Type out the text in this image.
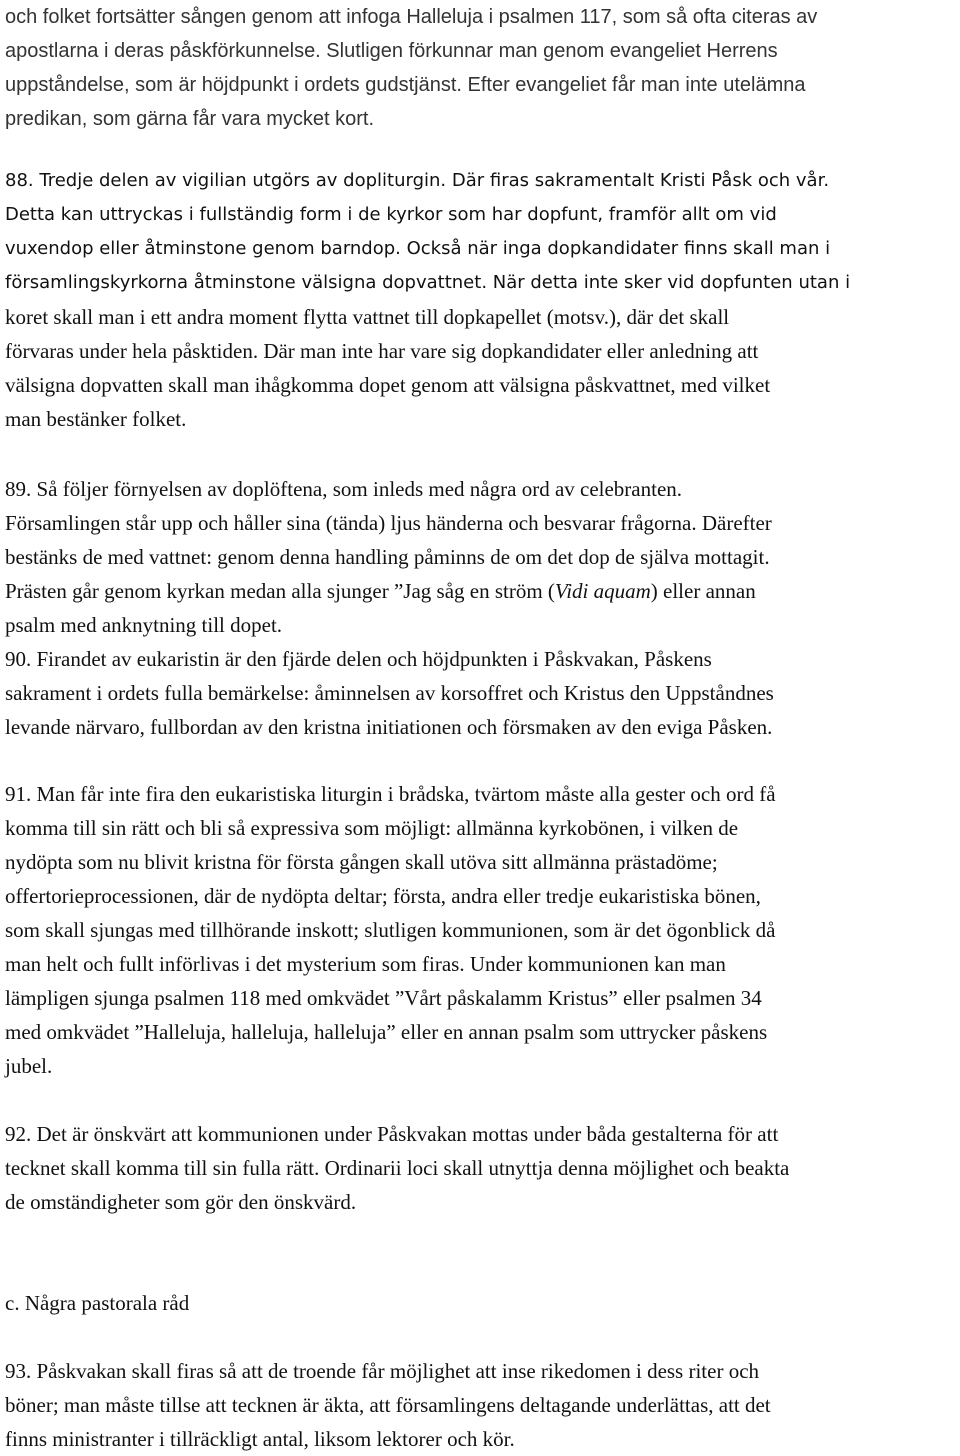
och folket fortsätter sången genom att infoga Halleluja i psalmen 117, som så ofta citeras av
apostlarna i deras påskförkunnelse. Slutligen förkunnar man genom evangeliet Herrens
uppståndelse, som är höjdpunkt i ordets gudstjänst. Efter evangeliet får man inte utelämna
predikan, som gärna får vara mycket kort.
88. Tredje delen av vigilian utgörs av dopliturgin. Där firas sakramentalt Kristi Påsk och vår.
Detta kan uttryckas i fullständig form i de kyrkor som har dopfunt, framför allt om vid
vuxendop eller åtminstone genom barndop. Också när inga dopkandidater finns skall man i
församlingskyrkorna åtminstone välsigna dopvattnet. När detta inte sker vid dopfunten utan i
koret skall man i ett andra moment flytta vattnet till dopkapellet (motsv.), där det skall
förvaras under hela påsktiden. Där man inte har vare sig dopkandidater eller anledning att
välsigna dopvatten skall man ihågkomma dopet genom att välsigna påskvattnet, med vilket
man bestänker folket.
89. Så följer förnyelsen av doplöftena, som inleds med några ord av celebranten.
Församlingen står upp och håller sina (tända) ljus händerna och besvarar frågorna. Därefter
bestänks de med vattnet: genom denna handling påminns de om det dop de själva mottagit.
Prästen går genom kyrkan medan alla sjunger ”Jag såg en ström (Vidi aquam) eller annan
psalm med anknytning till dopet.
90. Firandet av eukaristin är den fjärde delen och höjdpunkten i Påskvakan, Påskens
sakrament i ordets fulla bemärkelse: åminnelsen av korsoffret och Kristus den Uppståndnes
levande närvaro, fullbordan av den kristna initiationen och försmaken av den eviga Påsken.
91. Man får inte fira den eukaristiska liturgin i brådska, tvärtom måste alla gester och ord få
komma till sin rätt och bli så expressiva som möjligt: allmänna kyrkobönen, i vilken de
nydöpta som nu blivit kristna för första gången skall utöva sitt allmänna prästadöme;
offertorieprocessionen, där de nydöpta deltar; första, andra eller tredje eukaristiska bönen,
som skall sjungas med tillhörande inskott; slutligen kommunionen, som är det ögonblick då
man helt och fullt införlivas i det mysterium som firas. Under kommunionen kan man
lämpligen sjunga psalmen 118 med omkvädet ”Vårt påskalamm Kristus” eller psalmen 34
med omkvädet ”Halleluja, halleluja, halleluja” eller en annan psalm som uttrycker påskens
jubel.
92. Det är önskvärt att kommunionen under Påskvakan mottas under båda gestalterna för att
tecknet skall komma till sin fulla rätt. Ordinarii loci skall utnyttja denna möjlighet och beakta
de omständigheter som gör den önskvärd.
c. Några pastorala råd
93. Påskvakan skall firas så att de troende får möjlighet att inse rikedomen i dess riter och
böner; man måste tillse att tecknen är äkta, att församlingens deltagande underlättas, att det
finns ministranter i tillräckligt antal, liksom lektorer och kör.
